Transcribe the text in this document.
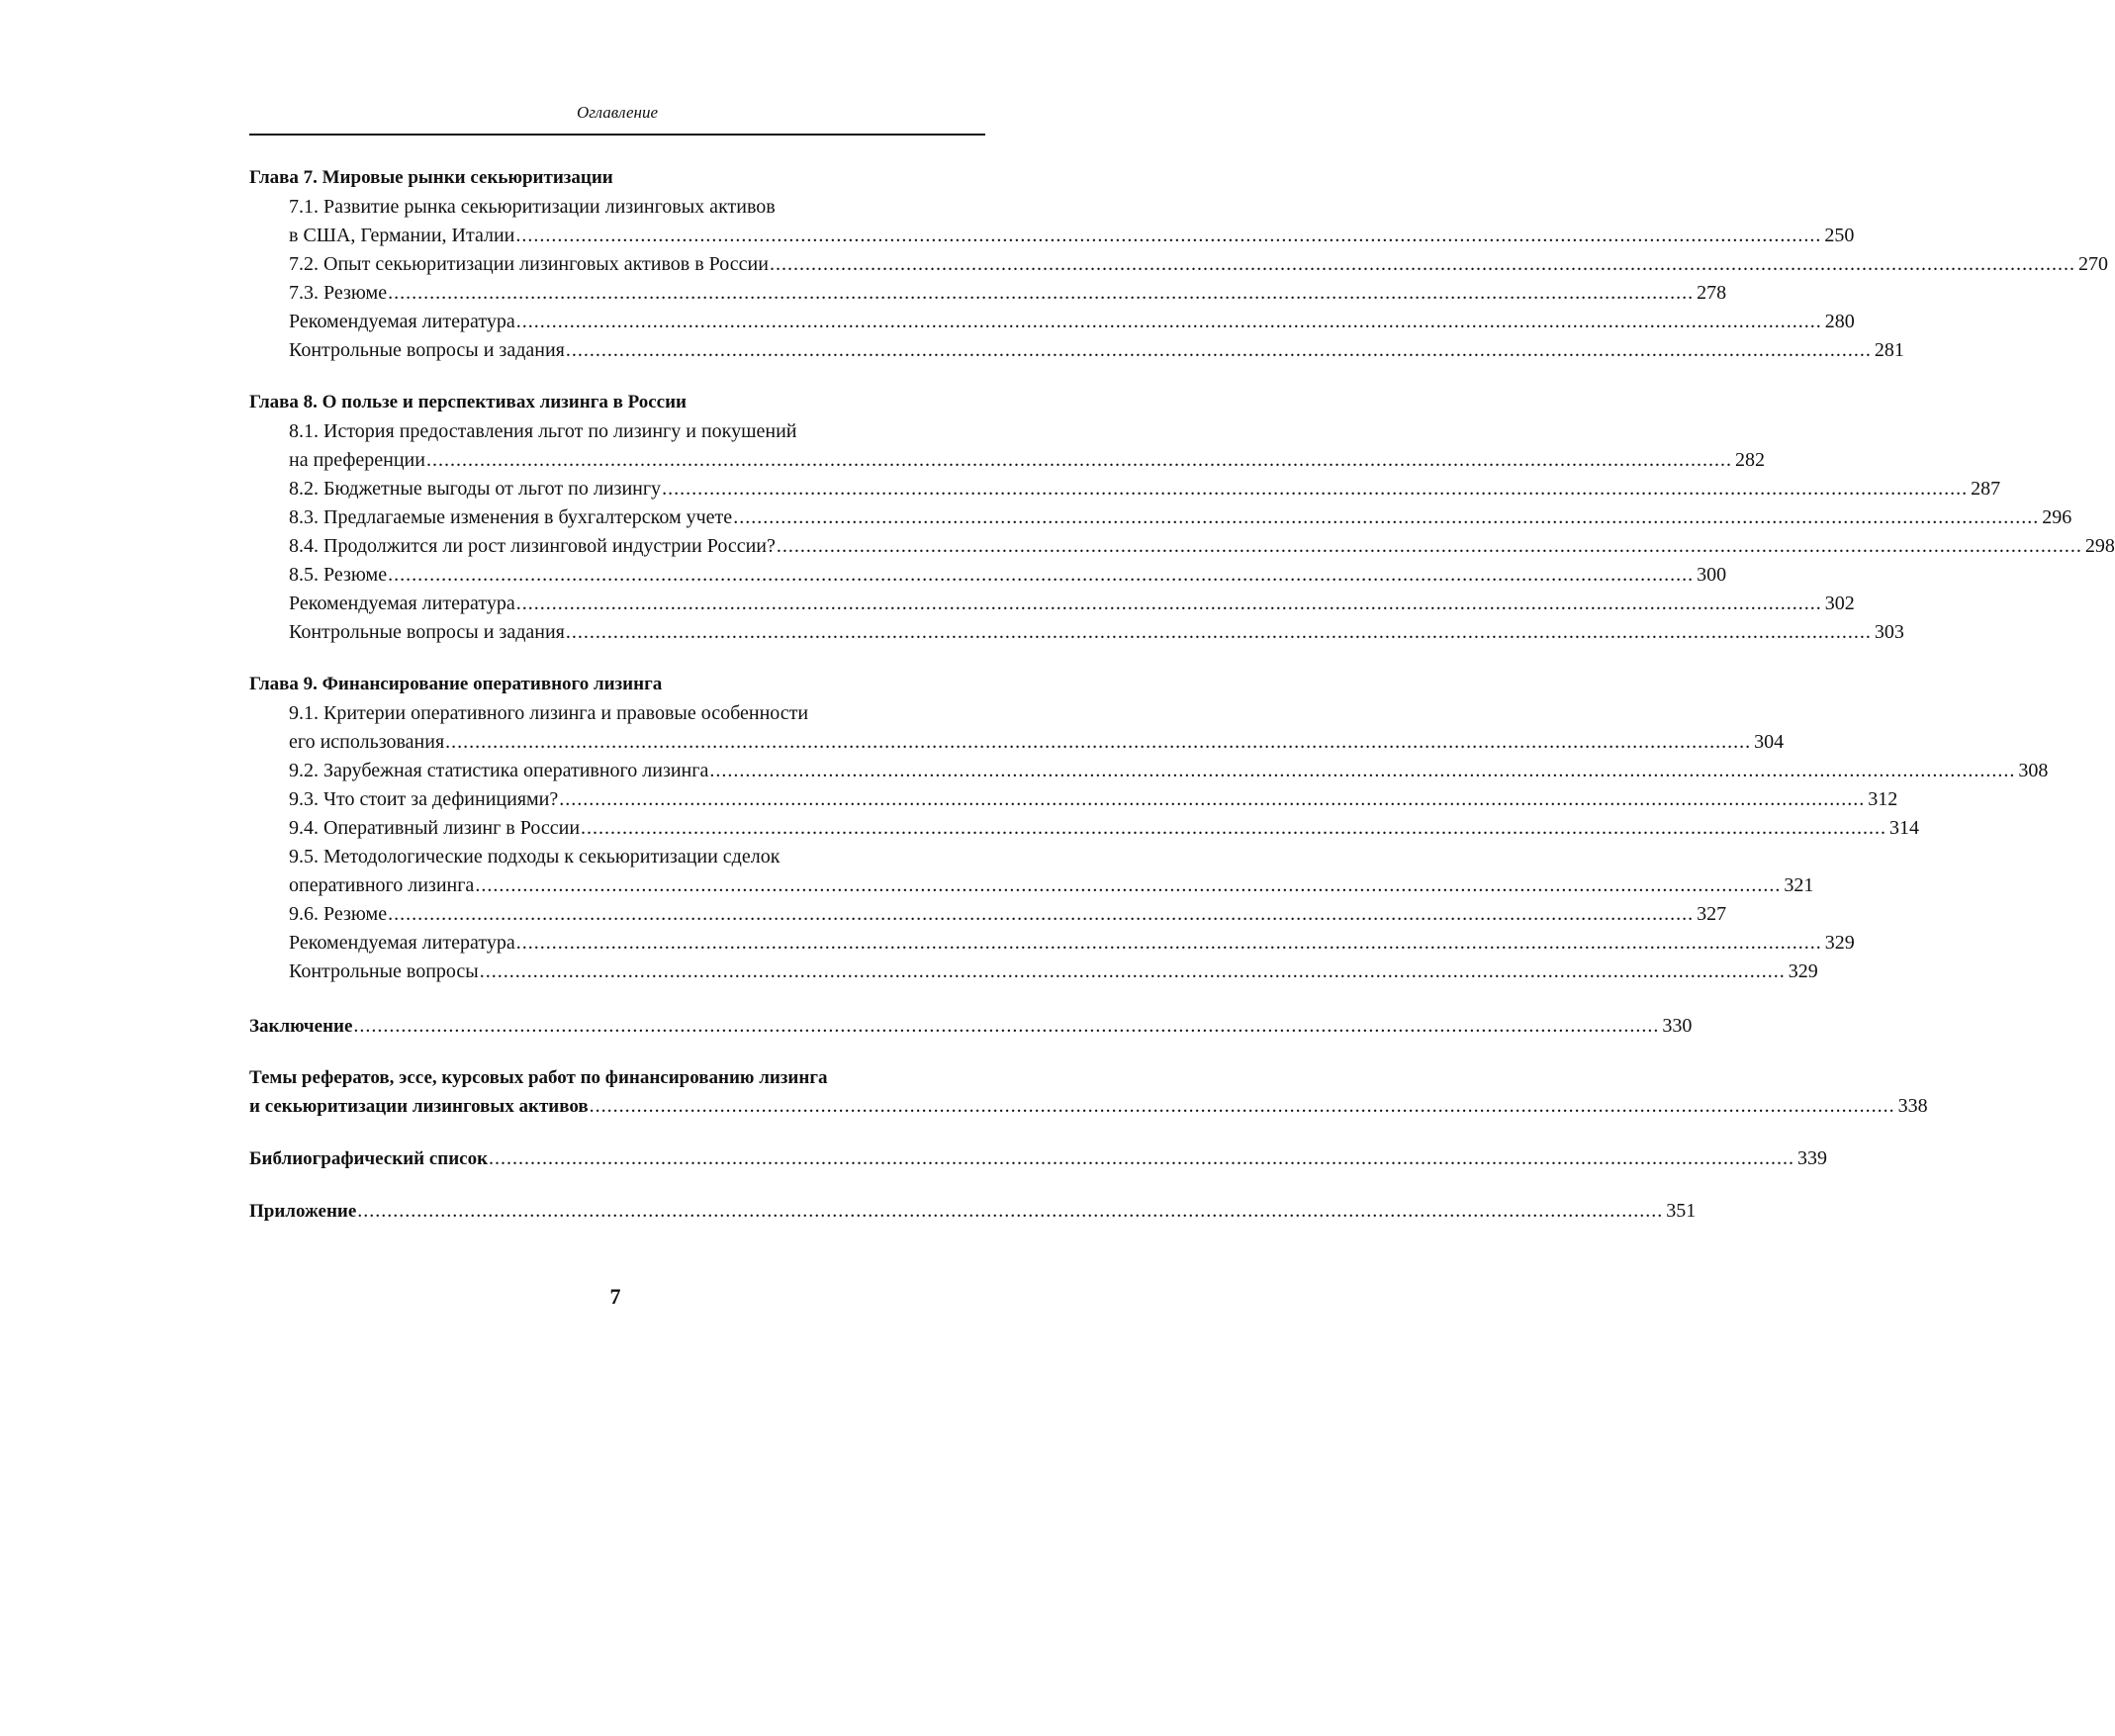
Оглавление
Глава 7. Мировые рынки секьюритизации
7.1. Развитие рынка секьюритизации лизинговых активов
в США, Германии, Италии ............................................................................................................................................................................................................................ 250
7.2. Опыт секьюритизации лизинговых активов в России ............................................................................................................................................................................................................................ 270
7.3. Резюме ............................................................................................................................................................................................................................ 278
Рекомендуемая литература ............................................................................................................................................................................................................................ 280
Контрольные вопросы и задания ............................................................................................................................................................................................................................ 281
Глава 8. О пользе и перспективах лизинга в России
8.1. История предоставления льгот по лизингу и покушений
на преференции ............................................................................................................................................................................................................................ 282
8.2. Бюджетные выгоды от льгот по лизингу ............................................................................................................................................................................................................................ 287
8.3. Предлагаемые изменения в бухгалтерском учете ............................................................................................................................................................................................................................ 296
8.4. Продолжится ли рост лизинговой индустрии России? ............................................................................................................................................................................................................................ 298
8.5. Резюме ............................................................................................................................................................................................................................ 300
Рекомендуемая литература ............................................................................................................................................................................................................................ 302
Контрольные вопросы и задания ............................................................................................................................................................................................................................ 303
Глава 9. Финансирование оперативного лизинга
9.1. Критерии оперативного лизинга и правовые особенности
его использования ............................................................................................................................................................................................................................ 304
9.2. Зарубежная статистика оперативного лизинга ............................................................................................................................................................................................................................ 308
9.3. Что стоит за дефинициями? ............................................................................................................................................................................................................................ 312
9.4. Оперативный лизинг в России ............................................................................................................................................................................................................................ 314
9.5. Методологические подходы к секьюритизации сделок
оперативного лизинга ............................................................................................................................................................................................................................ 321
9.6. Резюме ............................................................................................................................................................................................................................ 327
Рекомендуемая литература ............................................................................................................................................................................................................................ 329
Контрольные вопросы ............................................................................................................................................................................................................................ 329
Заключение ............................................................................................................................................................................................................................ 330
Темы рефератов, эссе, курсовых работ по финансированию лизинга
и секьюритизации лизинговых активов ............................................................................................................................................................................................................................ 338
Библиографический список ............................................................................................................................................................................................................................ 339
Приложение ............................................................................................................................................................................................................................ 351
7
